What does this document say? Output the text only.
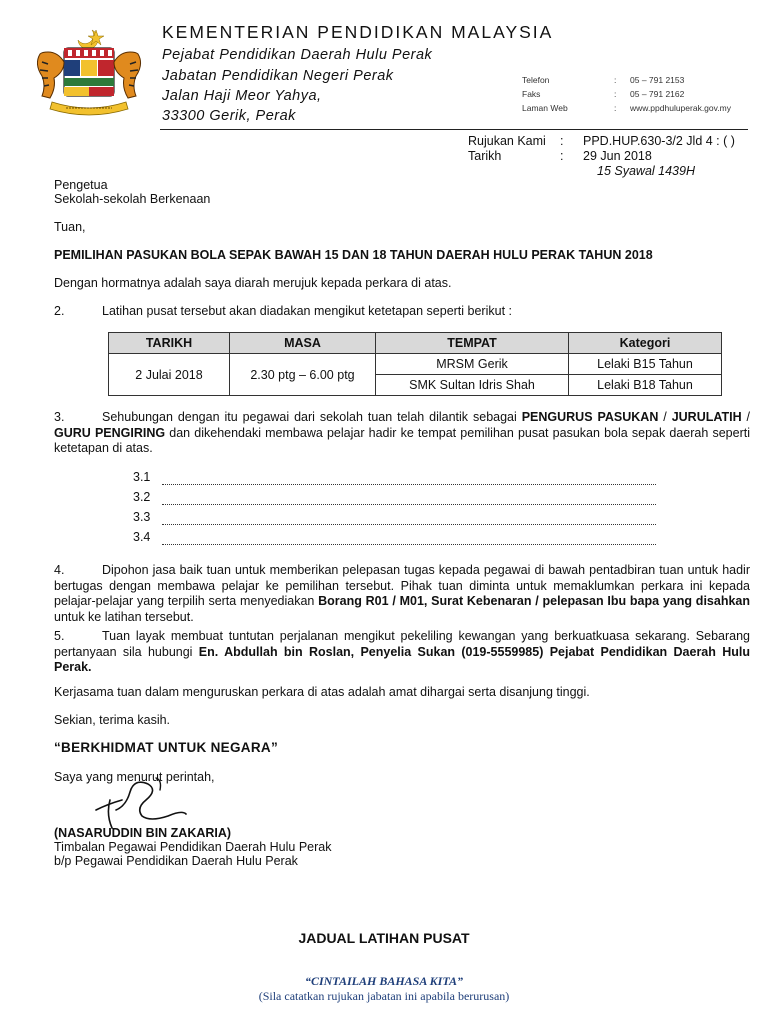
KEMENTERIAN PENDIDIKAN MALAYSIA
Pejabat Pendidikan Daerah Hulu Perak
Jabatan Pendidikan Negeri Perak
Jalan Haji Meor Yahya,
33300 Gerik, Perak
Telefon	: 05 – 791 2153
Faks	: 05 – 791 2162
Laman Web	: www.ppdhuluperak.gov.my
Rujukan Kami : PPD.HUP.630-3/2 Jld 4 : ( )
Tarikh	: 29 Jun 2018
15 Syawal 1439H
Pengetua
Sekolah-sekolah Berkenaan
Tuan,
PEMILIHAN PASUKAN BOLA SEPAK BAWAH 15 DAN 18 TAHUN DAERAH HULU PERAK TAHUN 2018
Dengan hormatnya adalah saya diarah merujuk kepada perkara di atas.
2.	Latihan pusat tersebut akan diadakan mengikut ketetapan seperti berikut :
TARIKH	MASA	TEMPAT	Kategori
2 Julai 2018	2.30 ptg – 6.00 ptg	MRSM Gerik	Lelaki B15 Tahun
		SMK Sultan Idris Shah	Lelaki B18 Tahun
3.	Sehubungan dengan itu pegawai dari sekolah tuan telah dilantik sebagai PENGURUS PASUKAN / JURULATIH / GURU PENGIRING dan dikehendaki membawa pelajar hadir ke tempat pemilihan pusat pasukan bola sepak daerah seperti ketetapan di atas.
3.1
3.2
3.3
3.4
4.	Dipohon jasa baik tuan untuk memberikan pelepasan tugas kepada pegawai di bawah pentadbiran tuan untuk hadir bertugas dengan membawa pelajar ke pemilihan tersebut. Pihak tuan diminta untuk memaklumkan perkara ini kepada pelajar-pelajar yang terpilih serta menyediakan Borang R01 / M01, Surat Kebenaran / pelepasan Ibu bapa yang disahkan untuk ke latihan tersebut.
5.	Tuan layak membuat tuntutan perjalanan mengikut pekeliling kewangan yang berkuatkuasa sekarang. Sebarang pertanyaan sila hubungi En. Abdullah bin Roslan, Penyelia Sukan (019-5559985) Pejabat Pendidikan Daerah Hulu Perak.
Kerjasama tuan dalam menguruskan perkara di atas adalah amat dihargai serta disanjung tinggi.
Sekian, terima kasih.
“BERKHIDMAT UNTUK NEGARA”
Saya yang menurut perintah,
(NASARUDDIN BIN ZAKARIA)
Timbalan Pegawai Pendidikan Daerah Hulu Perak
b/p Pegawai Pendidikan Daerah Hulu Perak
JADUAL LATIHAN PUSAT
“CINTAILAH BAHASA KITA”
(Sila catatkan rujukan jabatan ini apabila berurusan)
